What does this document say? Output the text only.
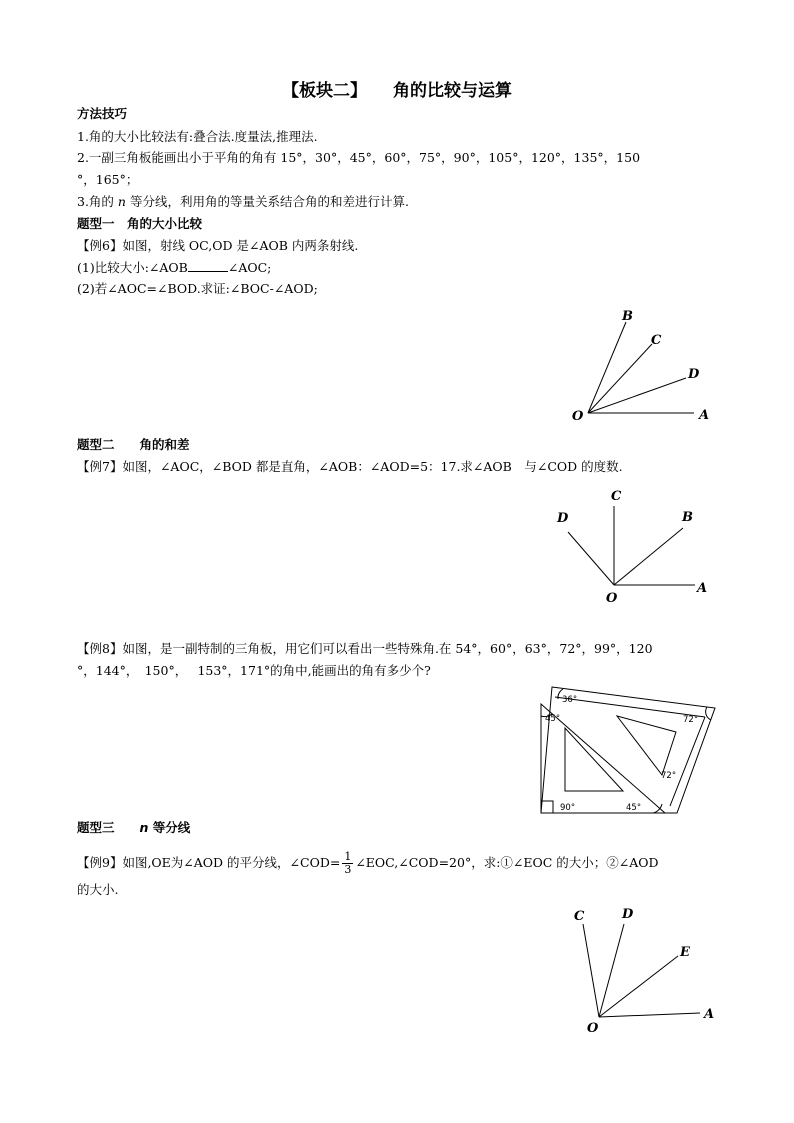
【板块二】 角的比较与运算
方法技巧
1.角的大小比较法有:叠合法.度量法,推理法.
2.一副三角板能画出小于平角的角有 15°，30°，45°，60°，75°，90°，105°，120°，135°，150
°，165°；
3.角的 n 等分线，利用角的等量关系结合角的和差进行计算.
题型一　角的大小比较
【例6】如图，射线 OC,OD 是∠AOB 内两条射线.
(1)比较大小:∠AOB	∠AOC;
(2)若∠AOC=∠BOD.求证:∠BOC-∠AOD;
B
C
D
O	A
题型二　　角的和差
【例7】如图，∠AOC，∠BOD 都是直角，∠AOB：∠AOD=5：17.求∠AOB　与∠COD 的度数.
C
D	B
O
A
【例8】如图，是一副特制的三角板，用它们可以看出一些特殊角.在 54°，60°，63°，72°，99°，120
°，144°，　150°，　 153°，171°的角中,能画出的角有多少个?
36°
45°	72°
72°
90°	45°
题型三　　n 等分线
【例9】如图,OE为∠AOD 的平分线，∠COD= $\frac{1}{3}$ ∠EOC,∠COD=20°，求:①∠EOC 的大小；②∠AOD
的大小.
C	D
E
O
A
